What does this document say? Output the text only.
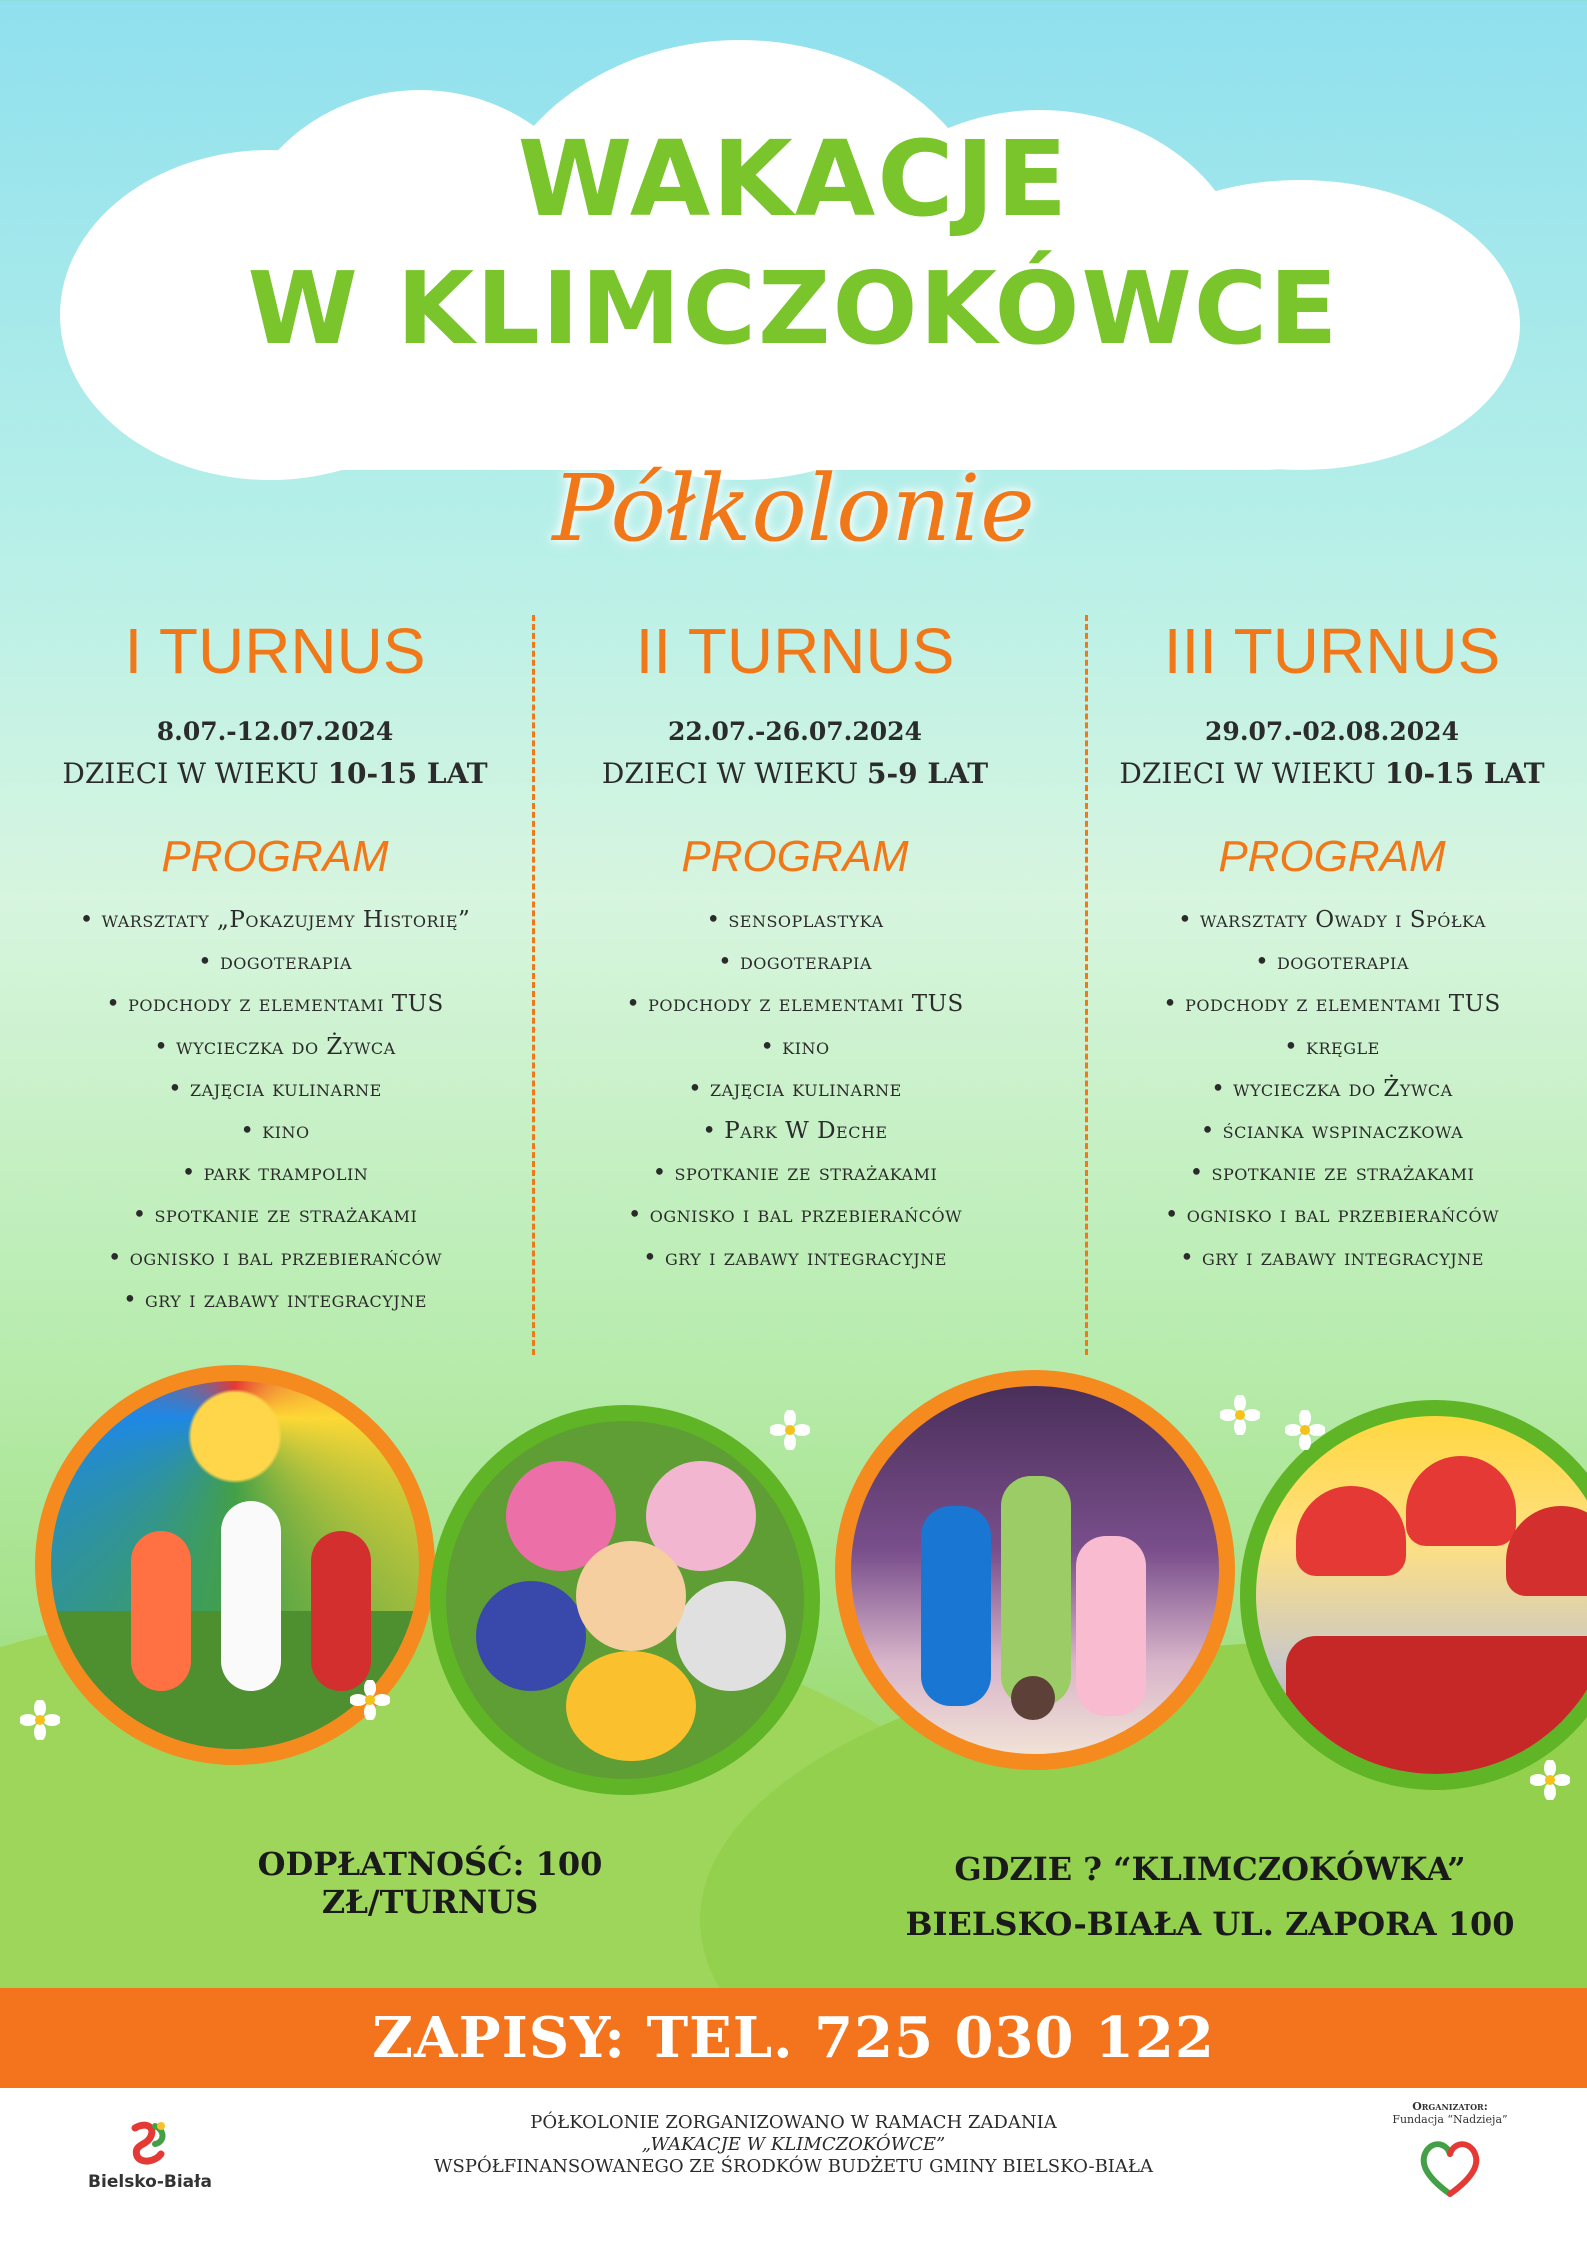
WAKACJE
W KLIMCZOKÓWCE
Półkolonie
I TURNUS
8.07.-12.07.2024
DZIECI W WIEKU 10-15 LAT
PROGRAM
• warsztaty „Pokazujemy Historię”
• dogoterapia
• podchody z elementami TUS
• wycieczka do Żywca
• zajęcia kulinarne
• kino
• park trampolin
• spotkanie ze strażakami
• ognisko i bal przebierańców
• gry i zabawy integracyjne
II TURNUS
22.07.-26.07.2024
DZIECI W WIEKU 5-9 LAT
PROGRAM
• sensoplastyka
• dogoterapia
• podchody z elementami TUS
• kino
• zajęcia kulinarne
• Park W Deche
• spotkanie ze strażakami
• ognisko i bal przebierańców
• gry i zabawy integracyjne
III TURNUS
29.07.-02.08.2024
DZIECI W WIEKU 10-15 LAT
PROGRAM
• warsztaty Owady i Spółka
• dogoterapia
• podchody z elementami TUS
• kręgle
• wycieczka do Żywca
• ścianka wspinaczkowa
• spotkanie ze strażakami
• ognisko i bal przebierańców
• gry i zabawy integracyjne
ODPŁATNOŚĆ: 100 ZŁ/TURNUS
GDZIE ? “KLIMCZOKÓWKA”
BIELSKO-BIAŁA UL. ZAPORA 100
ZAPISY: TEL. 725 030 122
Bielsko-Biała
PÓŁKOLONIE ZORGANIZOWANO W RAMACH ZADANIA
„WAKACJE W KLIMCZOKÓWCE”
WSPÓŁFINANSOWANEGO ZE ŚRODKÓW BUDŻETU GMINY BIELSKO-BIAŁA
Organizator:
Fundacja “Nadzieja”
